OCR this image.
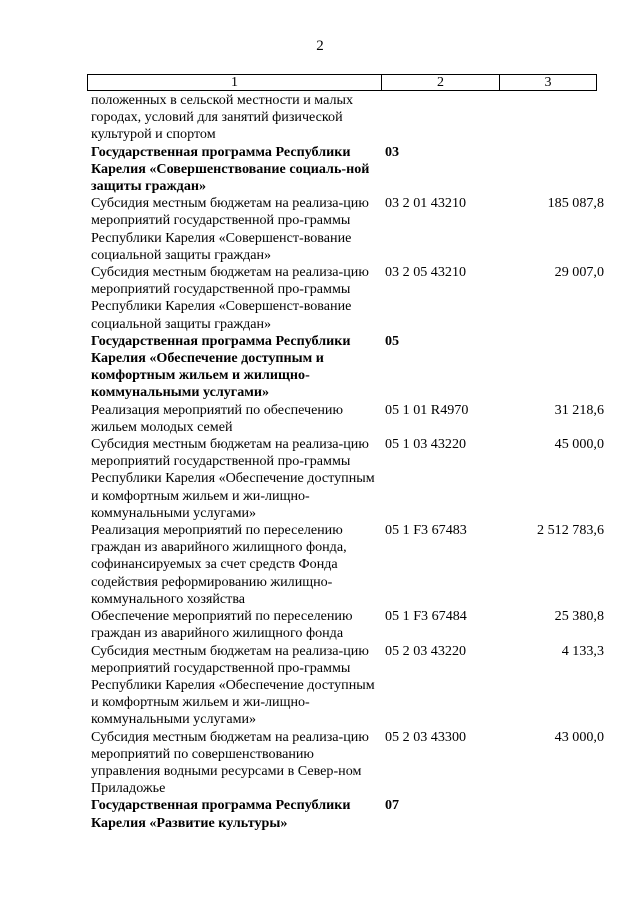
2
1	2	3
положенных в сельской местности и малых городах, условий для занятий физической культурой и спортом		
Государственная программа Республики Карелия «Совершенствование социаль-ной защиты граждан»	03	
Субсидия местным бюджетам на реализа-цию мероприятий государственной про-граммы Республики Карелия «Совершенст-вование социальной защиты граждан»	03 2 01 43210	185 087,8
Субсидия местным бюджетам на реализа-цию мероприятий государственной про-граммы Республики Карелия «Совершенст-вование социальной защиты граждан»	03 2 05 43210	29 007,0
Государственная программа Республики Карелия «Обеспечение доступным и комфортным жильем и жилищно-коммунальными услугами»	05	
Реализация мероприятий по обеспечению жильем молодых семей	05 1 01 R4970	31 218,6
Субсидия местным бюджетам на реализа-цию мероприятий государственной про-граммы Республики Карелия «Обеспечение доступным и комфортным жильем и жи-лищно-коммунальными услугами»	05 1 03 43220	45 000,0
Реализация мероприятий по переселению граждан из аварийного жилищного фонда, софинансируемых за счет средств Фонда содействия реформированию жилищно-коммунального хозяйства	05 1 F3 67483	2 512 783,6
Обеспечение мероприятий по переселению граждан из аварийного жилищного фонда	05 1 F3 67484	25 380,8
Субсидия местным бюджетам на реализа-цию мероприятий государственной про-граммы Республики Карелия «Обеспечение доступным и комфортным жильем и жи-лищно-коммунальными услугами»	05 2 03 43220	4 133,3
Субсидия местным бюджетам на реализа-цию мероприятий по совершенствованию управления водными ресурсами в Север-ном Приладожье	05 2 03 43300	43 000,0
Государственная программа Республики Карелия «Развитие культуры»	07	
